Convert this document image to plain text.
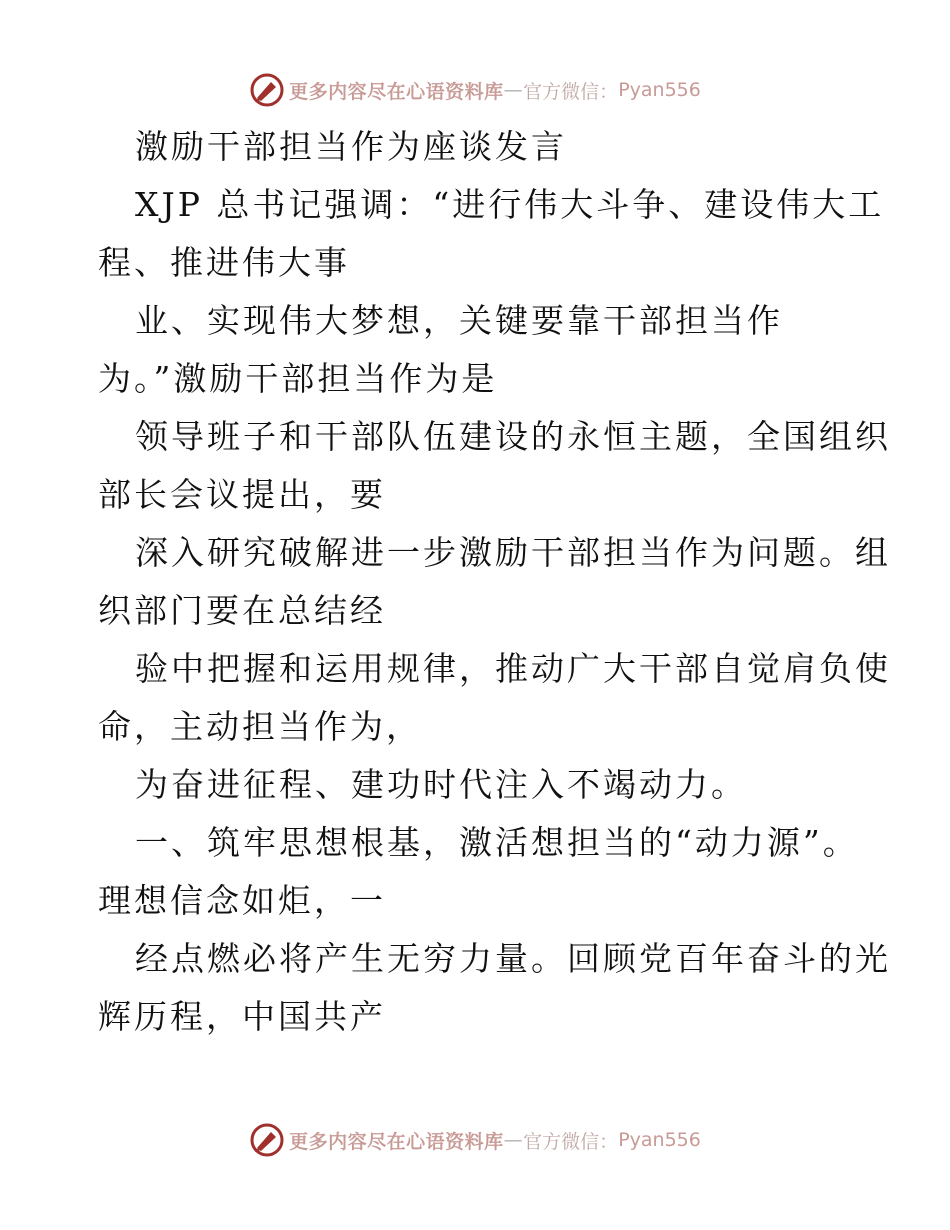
更多内容尽在心语资料库 — 官方微信： Pyan556
激励干部担当作为座谈发言
XJP 总书记强调：“进行伟大斗争、建设伟大工
程、推进伟大事
业、实现伟大梦想，关键要靠干部担当作
为。”激励干部担当作为是
领导班子和干部队伍建设的永恒主题，全国组织
部长会议提出，要
深入研究破解进一步激励干部担当作为问题。组
织部门要在总结经
验中把握和运用规律，推动广大干部自觉肩负使
命，主动担当作为，
为奋进征程、建功时代注入不竭动力。
一、筑牢思想根基，激活想担当的“动力源”。
理想信念如炬，一
经点燃必将产生无穷力量。回顾党百年奋斗的光
辉历程，中国共产
更多内容尽在心语资料库 — 官方微信： Pyan556
